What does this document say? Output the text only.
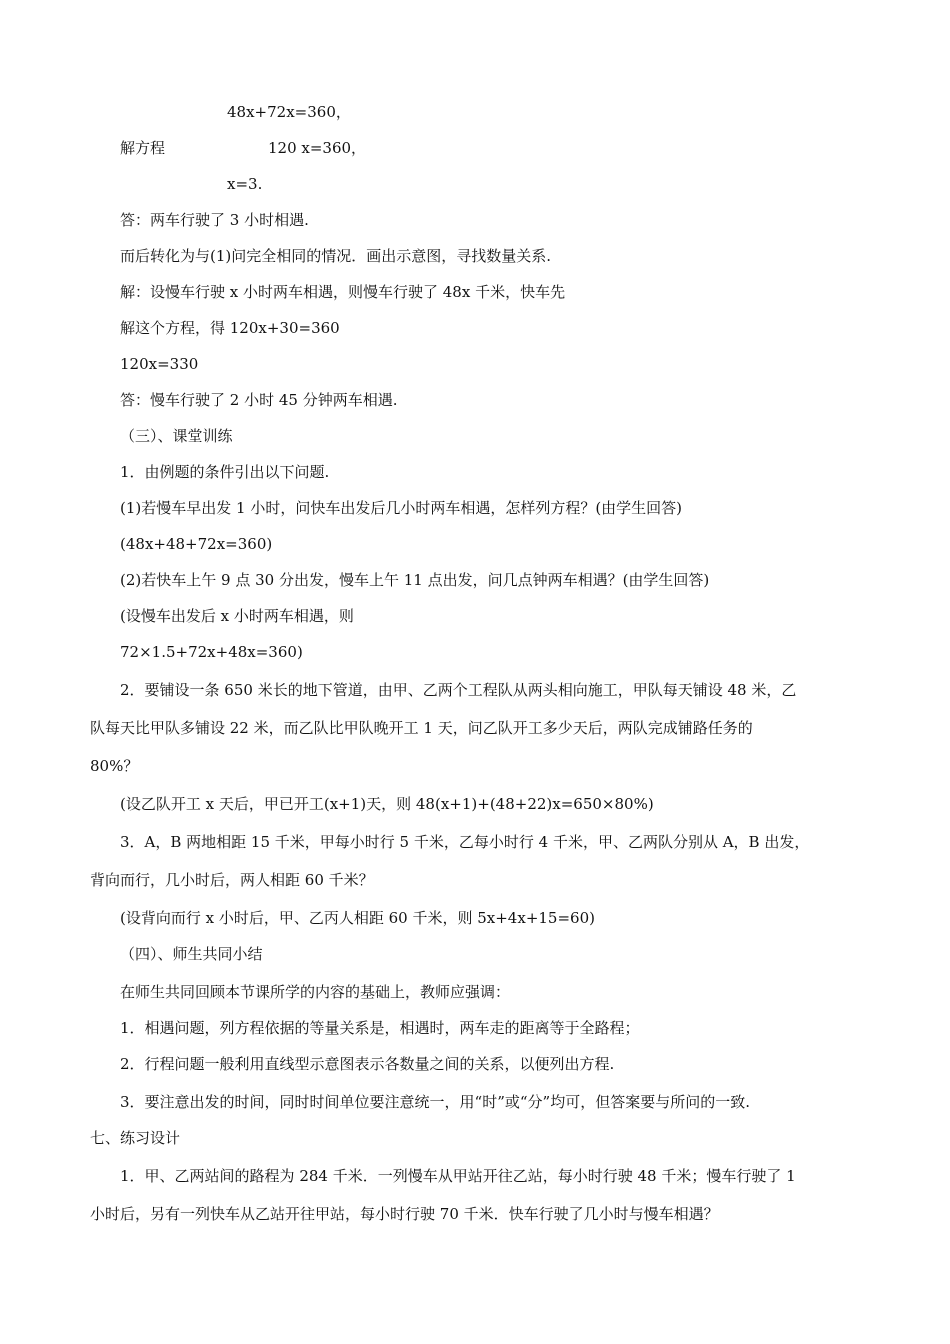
48x+72x=360，
解方程	120 x=360，
x=3.
答：两车行驶了 3 小时相遇.
而后转化为与(1)问完全相同的情况．画出示意图，寻找数量关系.
解：设慢车行驶 x 小时两车相遇，则慢车行驶了 48x 千米，快车先
解这个方程，得 120x+30=360
120x=330
答：慢车行驶了 2 小时 45 分钟两车相遇.
（三）、课堂训练
1．由例题的条件引出以下问题.
(1)若慢车早出发 1 小时，问快车出发后几小时两车相遇，怎样列方程？(由学生回答)
(48x+48+72x=360)
(2)若快车上午 9 点 30 分出发，慢车上午 11 点出发，问几点钟两车相遇？(由学生回答)
(设慢车出发后 x 小时两车相遇，则
72×1.5+72x+48x=360)
2．要铺设一条 650 米长的地下管道，由甲、乙两个工程队从两头相向施工，甲队每天铺设 48 米，乙
队每天比甲队多铺设 22 米，而乙队比甲队晚开工 1 天，问乙队开工多少天后，两队完成铺路任务的
80%？
(设乙队开工 x 天后，甲已开工(x+1)天，则 48(x+1)+(48+22)x=650×80%)
3．A，B 两地相距 15 千米，甲每小时行 5 千米，乙每小时行 4 千米，甲、乙两队分别从 A，B 出发，
背向而行，几小时后，两人相距 60 千米？
(设背向而行 x 小时后，甲、乙丙人相距 60 千米，则 5x+4x+15=60)
（四）、师生共同小结
在师生共同回顾本节课所学的内容的基础上，教师应强调：
1．相遇问题，列方程依据的等量关系是，相遇时，两车走的距离等于全路程；
2．行程问题一般利用直线型示意图表示各数量之间的关系，以便列出方程.
3．要注意出发的时间，同时时间单位要注意统一，用“时”或“分”均可，但答案要与所问的一致.
七、练习设计
1．甲、乙两站间的路程为 284 千米．一列慢车从甲站开往乙站，每小时行驶 48 千米；慢车行驶了 1
小时后，另有一列快车从乙站开往甲站，每小时行驶 70 千米．快车行驶了几小时与慢车相遇？
